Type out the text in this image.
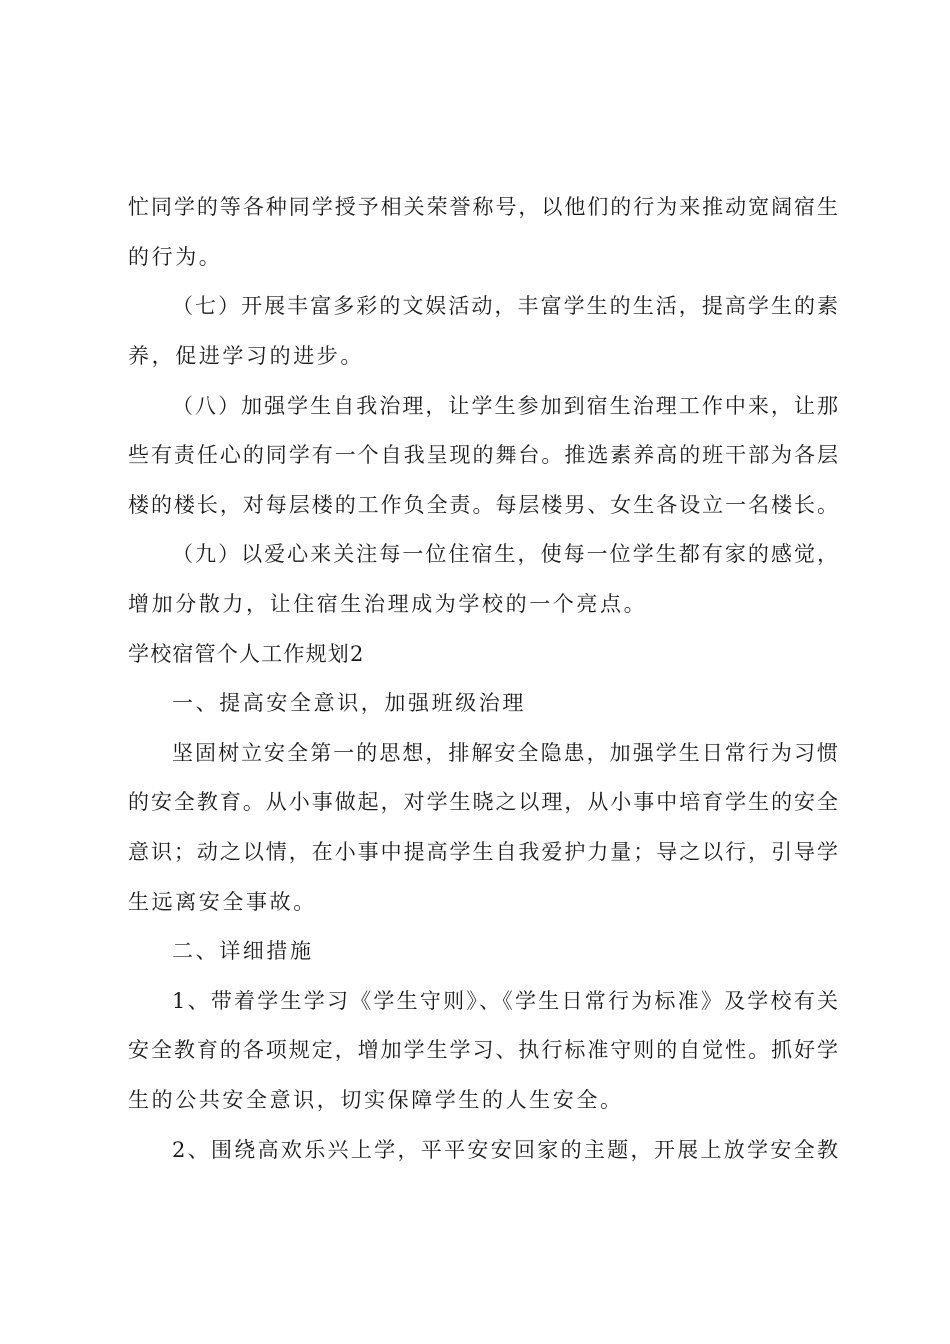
忙同学的等各种同学授予相关荣誉称号，以他们的行为来推动宽阔宿生
的行为。
（七）开展丰富多彩的文娱活动，丰富学生的生活，提高学生的素
养，促进学习的进步。
（八）加强学生自我治理，让学生参加到宿生治理工作中来，让那
些有责任心的同学有一个自我呈现的舞台。推选素养高的班干部为各层
楼的楼长，对每层楼的工作负全责。每层楼男、女生各设立一名楼长。
（九）以爱心来关注每一位住宿生，使每一位学生都有家的感觉，
增加分散力，让住宿生治理成为学校的一个亮点。
学校宿管个人工作规划2
一、提高安全意识，加强班级治理
坚固树立安全第一的思想，排解安全隐患，加强学生日常行为习惯
的安全教育。从小事做起，对学生晓之以理，从小事中培育学生的安全
意识；动之以情，在小事中提高学生自我爱护力量；导之以行，引导学
生远离安全事故。
二、详细措施
1、带着学生学习《学生守则》、《学生日常行为标准》及学校有关
安全教育的各项规定，增加学生学习、执行标准守则的自觉性。抓好学
生的公共安全意识，切实保障学生的人生安全。
2、围绕高欢乐兴上学，平平安安回家的主题，开展上放学安全教
